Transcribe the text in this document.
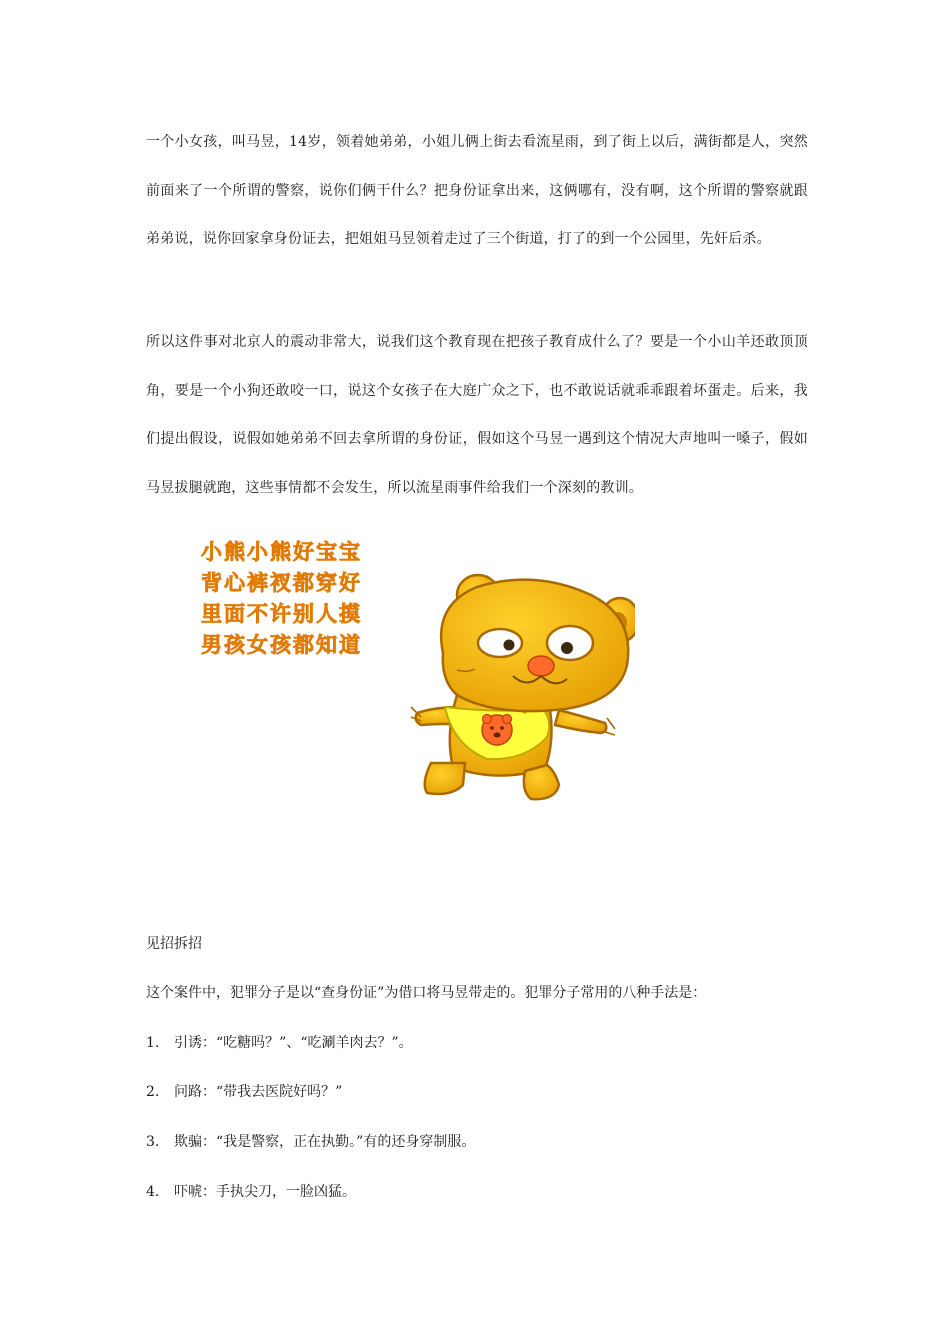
一个小女孩，叫马昱，14岁，领着她弟弟，小姐儿俩上街去看流星雨，到了街上以后，满街都是人，突然前面来了一个所谓的警察，说你们俩干什么？把身份证拿出来，这俩哪有，没有啊，这个所谓的警察就跟弟弟说，说你回家拿身份证去，把姐姐马昱领着走过了三个街道，打了的到一个公园里，先奸后杀。

所以这件事对北京人的震动非常大，说我们这个教育现在把孩子教育成什么了？要是一个小山羊还敢顶顶角，要是一个小狗还敢咬一口，说这个女孩子在大庭广众之下，也不敢说话就乖乖跟着坏蛋走。后来，我们提出假设，说假如她弟弟不回去拿所谓的身份证，假如这个马昱一遇到这个情况大声地叫一嗓子，假如马昱拔腿就跑，这些事情都不会发生，所以流星雨事件给我们一个深刻的教训。

小熊小熊好宝宝
背心裤衩都穿好
里面不许别人摸
男孩女孩都知道
见招拆招
这个案件中，犯罪分子是以“查身份证”为借口将马昱带走的。犯罪分子常用的八种手法是：
1. 引诱：“吃糖吗？”、“吃涮羊肉去？”。
2. 问路：“带我去医院好吗？”
3. 欺骗：“我是警察，正在执勤。”有的还身穿制服。
4. 吓唬：手执尖刀，一脸凶猛。
